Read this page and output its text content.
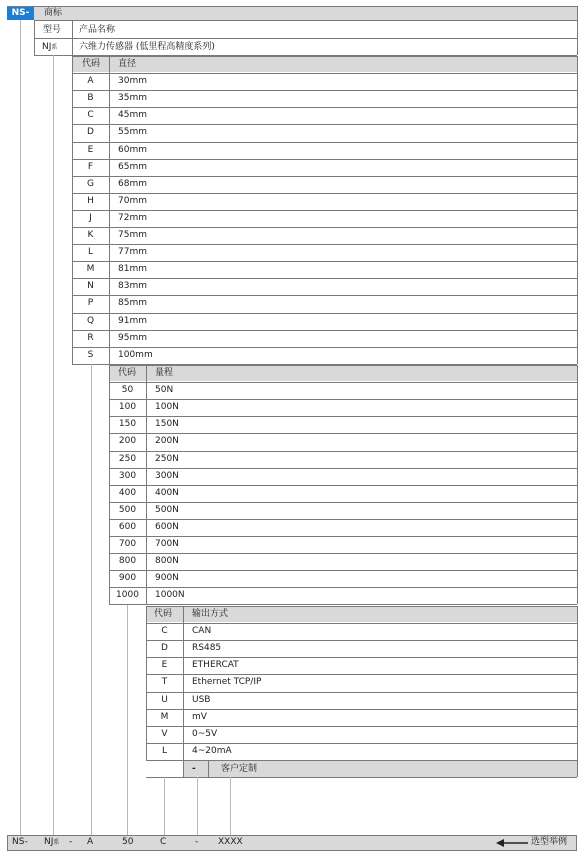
NS-	商标
型号 产品名称
NJ系 六维力传感器 (低里程高精度系列)
代码 直径
A	30mm
B	35mm
C	45mm
D	55mm
E	60mm
F	65mm
G	68mm
H	70mm
J	72mm
K	75mm
L	77mm
M	81mm
N	83mm
P	85mm
Q	91mm
R	95mm
S	100mm
代码 量程
50	50N
100	100N
150	150N
200	200N
250	250N
300	300N
400	400N
500	500N
600	600N
700	700N
800	800N
900	900N
1000	1000N
代码 输出方式
C	CAN
D	RS485
E	ETHERCAT
T	Ethernet TCP/IP
U	USB
M	mV
V	0~5V
L	4~20mA
-	客户定制
NS- NJ系 - A	50	C	- XXXX	选型举例
